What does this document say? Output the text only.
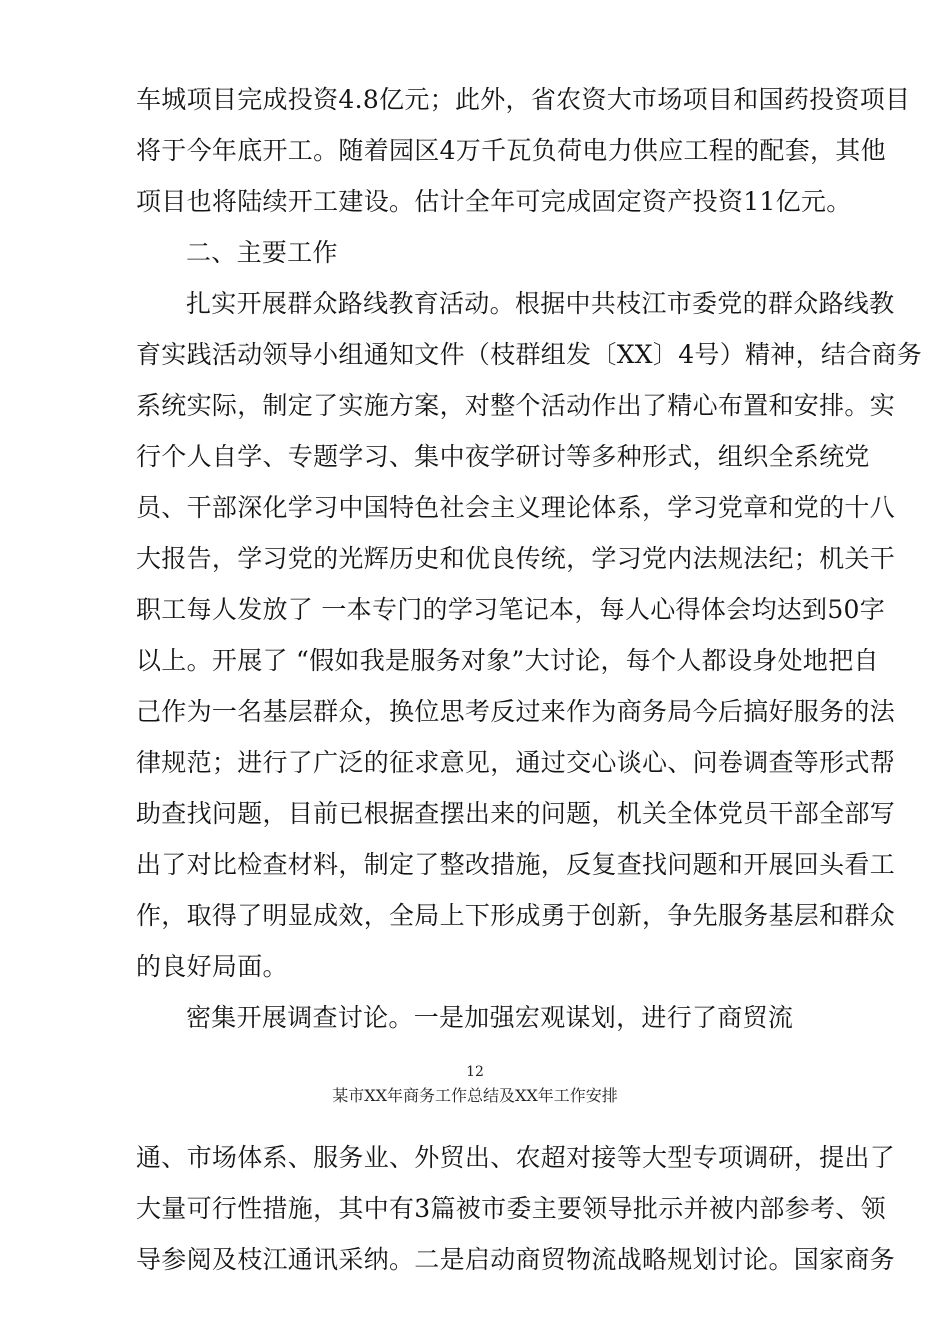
车城项目完成投资4.8亿元；此外，省农资大市场项目和国药投资项目
将于今年底开工。随着园区4万千瓦负荷电力供应工程的配套，其他
项目也将陆续开工建设。估计全年可完成固定资产投资11亿元。
二、主要工作
扎实开展群众路线教育活动。根据中共枝江市委党的群众路线教
育实践活动领导小组通知文件（枝群组发〔XX〕4号）精神，结合商务
系统实际，制定了实施方案，对整个活动作出了精心布置和安排。实
行个人自学、专题学习、集中夜学研讨等多种形式，组织全系统党
员、干部深化学习中国特色社会主义理论体系，学习党章和党的十八
大报告，学习党的光辉历史和优良传统，学习党内法规法纪；机关干
职工每人发放了 一本专门的学习笔记本，每人心得体会均达到50字
以上。开展了 “假如我是服务对象”大讨论，每个人都设身处地把自
己作为一名基层群众，换位思考反过来作为商务局今后搞好服务的法
律规范；进行了广泛的征求意见，通过交心谈心、问卷调查等形式帮
助查找问题，目前已根据查摆出来的问题，机关全体党员干部全部写
出了对比检查材料，制定了整改措施，反复查找问题和开展回头看工
作，取得了明显成效，全局上下形成勇于创新，争先服务基层和群众
的良好局面。
密集开展调查讨论。一是加强宏观谋划，进行了商贸流
12
某市XX年商务工作总结及XX年工作安排
通、市场体系、服务业、外贸出、农超对接等大型专项调研，提出了
大量可行性措施，其中有3篇被市委主要领导批示并被内部参考、领
导参阅及枝江通讯采纳。二是启动商贸物流战略规划讨论。国家商务
